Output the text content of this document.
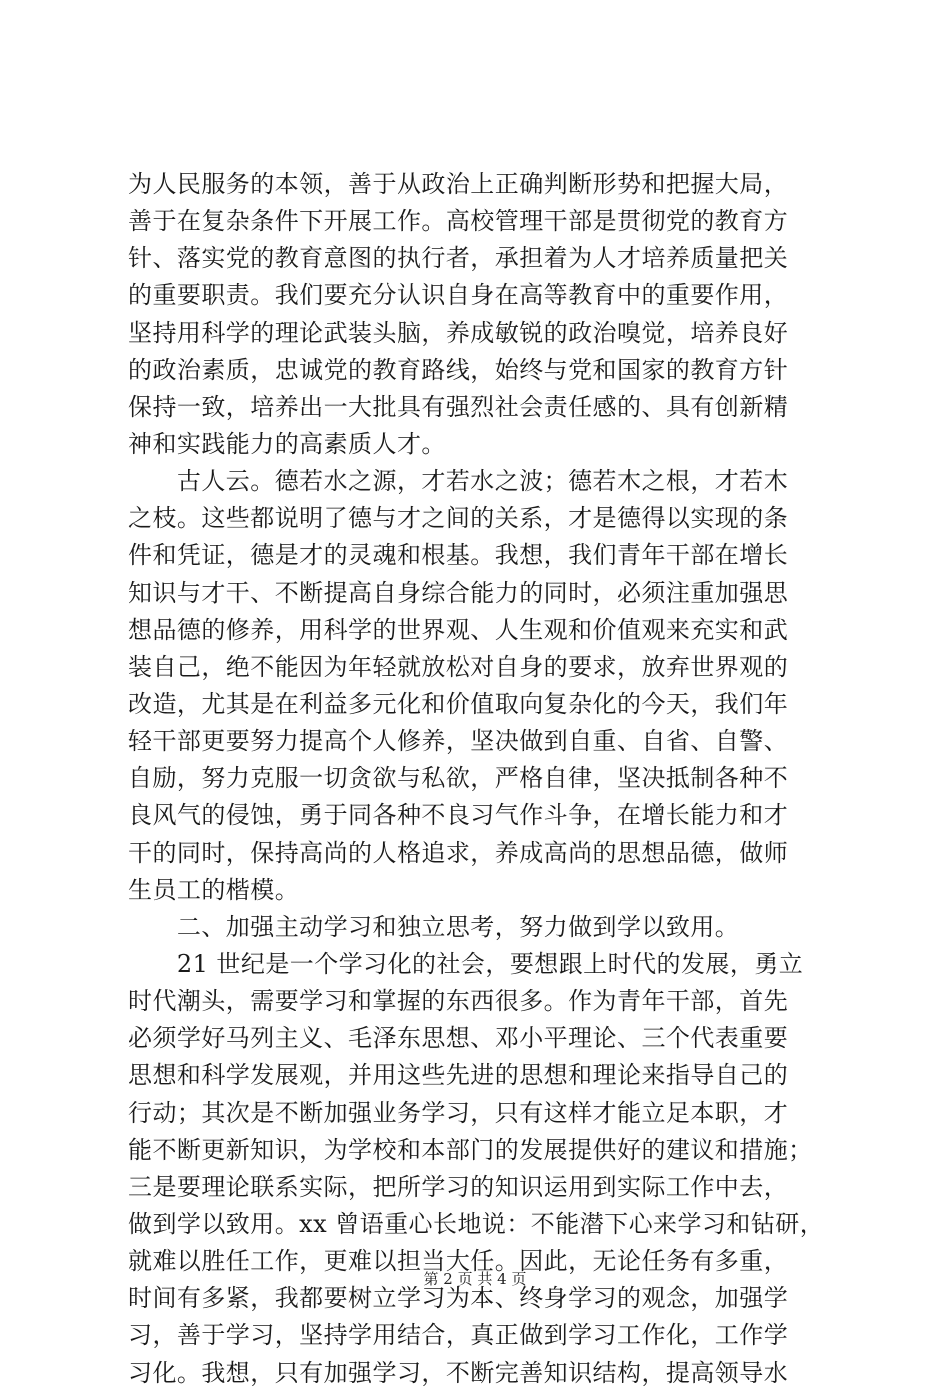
为人民服务的本领，善于从政治上正确判断形势和把握大局，
善于在复杂条件下开展工作。高校管理干部是贯彻党的教育方
针、落实党的教育意图的执行者，承担着为人才培养质量把关
的重要职责。我们要充分认识自身在高等教育中的重要作用，
坚持用科学的理论武装头脑，养成敏锐的政治嗅觉，培养良好
的政治素质，忠诚党的教育路线，始终与党和国家的教育方针
保持一致，培养出一大批具有强烈社会责任感的、具有创新精
神和实践能力的高素质人才。
　　古人云。德若水之源，才若水之波；德若木之根，才若木
之枝。这些都说明了德与才之间的关系，才是德得以实现的条
件和凭证，德是才的灵魂和根基。我想，我们青年干部在增长
知识与才干、不断提高自身综合能力的同时，必须注重加强思
想品德的修养，用科学的世界观、人生观和价值观来充实和武
装自己，绝不能因为年轻就放松对自身的要求，放弃世界观的
改造，尤其是在利益多元化和价值取向复杂化的今天，我们年
轻干部更要努力提高个人修养，坚决做到自重、自省、自警、
自励，努力克服一切贪欲与私欲，严格自律，坚决抵制各种不
良风气的侵蚀，勇于同各种不良习气作斗争，在增长能力和才
干的同时，保持高尚的人格追求，养成高尚的思想品德，做师
生员工的楷模。
　　二、加强主动学习和独立思考，努力做到学以致用。
　　21 世纪是一个学习化的社会，要想跟上时代的发展，勇立
时代潮头，需要学习和掌握的东西很多。作为青年干部，首先
必须学好马列主义、毛泽东思想、邓小平理论、三个代表重要
思想和科学发展观，并用这些先进的思想和理论来指导自己的
行动；其次是不断加强业务学习，只有这样才能立足本职，才
能不断更新知识，为学校和本部门的发展提供好的建议和措施；
三是要理论联系实际，把所学习的知识运用到实际工作中去，
做到学以致用。xx 曾语重心长地说：不能潜下心来学习和钻研，
就难以胜任工作，更难以担当大任。因此，无论任务有多重，
时间有多紧，我都要树立学习为本、终身学习的观念，加强学
习，善于学习，坚持学用结合，真正做到学习工作化，工作学
习化。我想，只有加强学习，不断完善知识结构，提高领导水
第 2 页 共 4 页
